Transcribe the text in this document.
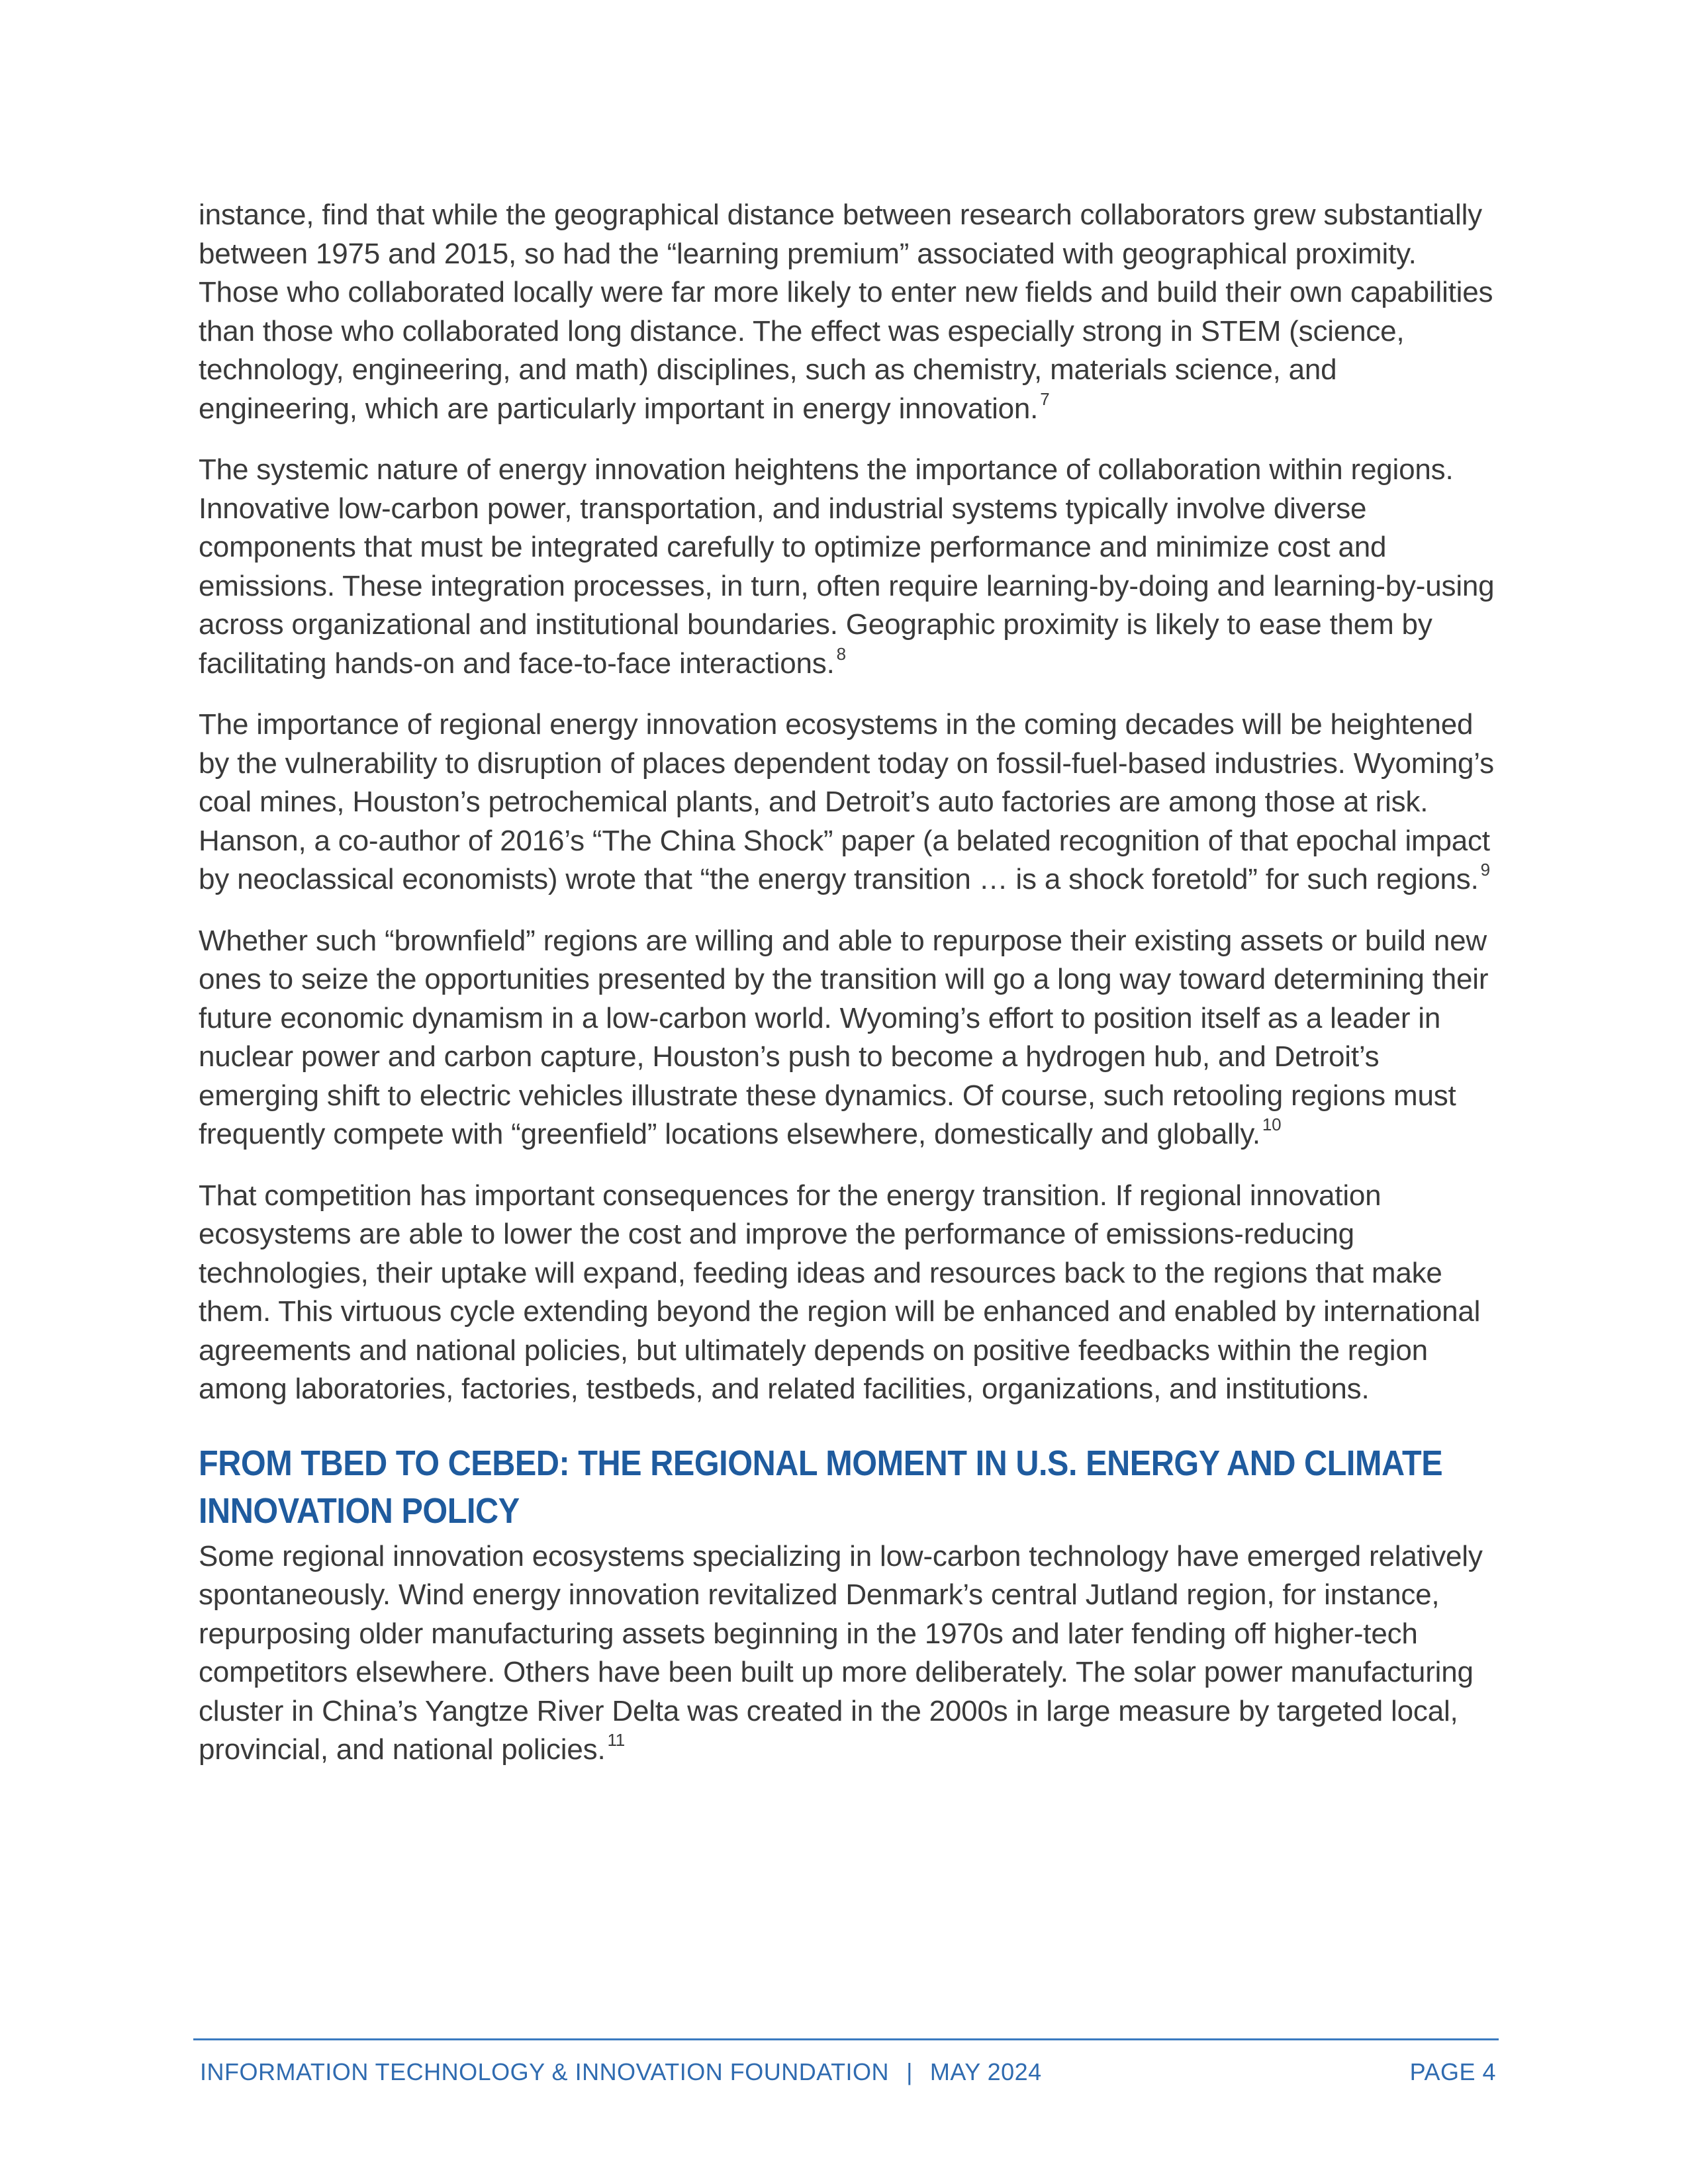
instance, find that while the geographical distance between research collaborators grew substantially between 1975 and 2015, so had the “learning premium” associated with geographical proximity. Those who collaborated locally were far more likely to enter new fields and build their own capabilities than those who collaborated long distance. The effect was especially strong in STEM (science, technology, engineering, and math) disciplines, such as chemistry, materials science, and engineering, which are particularly important in energy innovation. $^7$

The systemic nature of energy innovation heightens the importance of collaboration within regions. Innovative low-carbon power, transportation, and industrial systems typically involve diverse components that must be integrated carefully to optimize performance and minimize cost and emissions. These integration processes, in turn, often require learning-by-doing and learning-by-using across organizational and institutional boundaries. Geographic proximity is likely to ease them by facilitating hands-on and face-to-face interactions. $^8$

The importance of regional energy innovation ecosystems in the coming decades will be heightened by the vulnerability to disruption of places dependent today on fossil-fuel-based industries. Wyoming’s coal mines, Houston’s petrochemical plants, and Detroit’s auto factories are among those at risk. Hanson, a co-author of 2016’s “The China Shock” paper (a belated recognition of that epochal impact by neoclassical economists) wrote that “the energy transition … is a shock foretold” for such regions. $^9$

Whether such “brownfield” regions are willing and able to repurpose their existing assets or build new ones to seize the opportunities presented by the transition will go a long way toward determining their future economic dynamism in a low-carbon world. Wyoming’s effort to position itself as a leader in nuclear power and carbon capture, Houston’s push to become a hydrogen hub, and Detroit’s emerging shift to electric vehicles illustrate these dynamics. Of course, such retooling regions must frequently compete with “greenfield” locations elsewhere, domestically and globally. $^{10}$

That competition has important consequences for the energy transition. If regional innovation ecosystems are able to lower the cost and improve the performance of emissions-reducing technologies, their uptake will expand, feeding ideas and resources back to the regions that make them. This virtuous cycle extending beyond the region will be enhanced and enabled by international agreements and national policies, but ultimately depends on positive feedbacks within the region among laboratories, factories, testbeds, and related facilities, organizations, and institutions.

FROM TBED TO CEBED: THE REGIONAL MOMENT IN U.S. ENERGY AND CLIMATE INNOVATION POLICY

Some regional innovation ecosystems specializing in low-carbon technology have emerged relatively spontaneously. Wind energy innovation revitalized Denmark’s central Jutland region, for instance, repurposing older manufacturing assets beginning in the 1970s and later fending off higher-tech competitors elsewhere. Others have been built up more deliberately. The solar power manufacturing cluster in China’s Yangtze River Delta was created in the 2000s in large measure by targeted local, provincial, and national policies. $^{11}$

INFORMATION TECHNOLOGY & INNOVATION FOUNDATION | MAY 2024	PAGE 4
